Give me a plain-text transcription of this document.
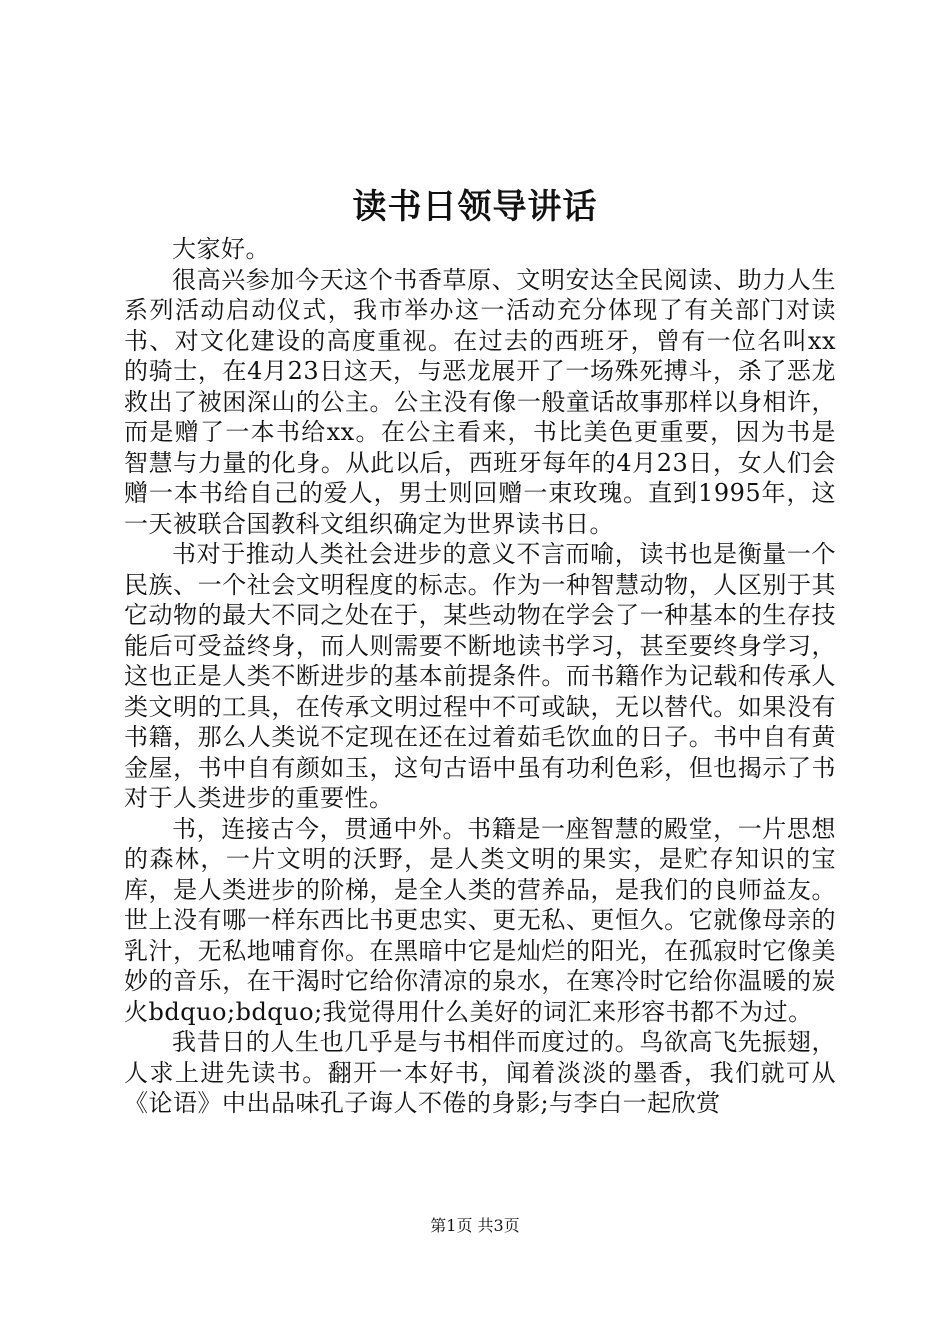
读书日领导讲话

大家好。

很高兴参加今天这个书香草原、文明安达全民阅读、助力人生系列活动启动仪式，我市举办这一活动充分体现了有关部门对读书、对文化建设的高度重视。在过去的西班牙，曾有一位名叫xx的骑士，在4月23日这天，与恶龙展开了一场殊死搏斗，杀了恶龙救出了被困深山的公主。公主没有像一般童话故事那样以身相许，而是赠了一本书给xx。在公主看来，书比美色更重要，因为书是智慧与力量的化身。从此以后，西班牙每年的4月23日，女人们会赠一本书给自己的爱人，男士则回赠一束玫瑰。直到1995年，这一天被联合国教科文组织确定为世界读书日。

书对于推动人类社会进步的意义不言而喻，读书也是衡量一个民族、一个社会文明程度的标志。作为一种智慧动物，人区别于其它动物的最大不同之处在于，某些动物在学会了一种基本的生存技能后可受益终身，而人则需要不断地读书学习，甚至要终身学习，这也正是人类不断进步的基本前提条件。而书籍作为记载和传承人类文明的工具，在传承文明过程中不可或缺，无以替代。如果没有书籍，那么人类说不定现在还在过着茹毛饮血的日子。书中自有黄金屋，书中自有颜如玉，这句古语中虽有功利色彩，但也揭示了书对于人类进步的重要性。

书，连接古今，贯通中外。书籍是一座智慧的殿堂，一片思想的森林，一片文明的沃野，是人类文明的果实，是贮存知识的宝库，是人类进步的阶梯，是全人类的营养品，是我们的良师益友。世上没有哪一样东西比书更忠实、更无私、更恒久。它就像母亲的乳汁，无私地哺育你。在黑暗中它是灿烂的阳光，在孤寂时它像美妙的音乐，在干渴时它给你清凉的泉水，在寒冷时它给你温暖的炭火bdquo;bdquo;我觉得用什么美好的词汇来形容书都不为过。

我昔日的人生也几乎是与书相伴而度过的。鸟欲高飞先振翅，人求上进先读书。翻开一本好书，闻着淡淡的墨香，我们就可从《论语》中出品味孔子诲人不倦的身影;与李白一起欣赏

第1页 共3页
